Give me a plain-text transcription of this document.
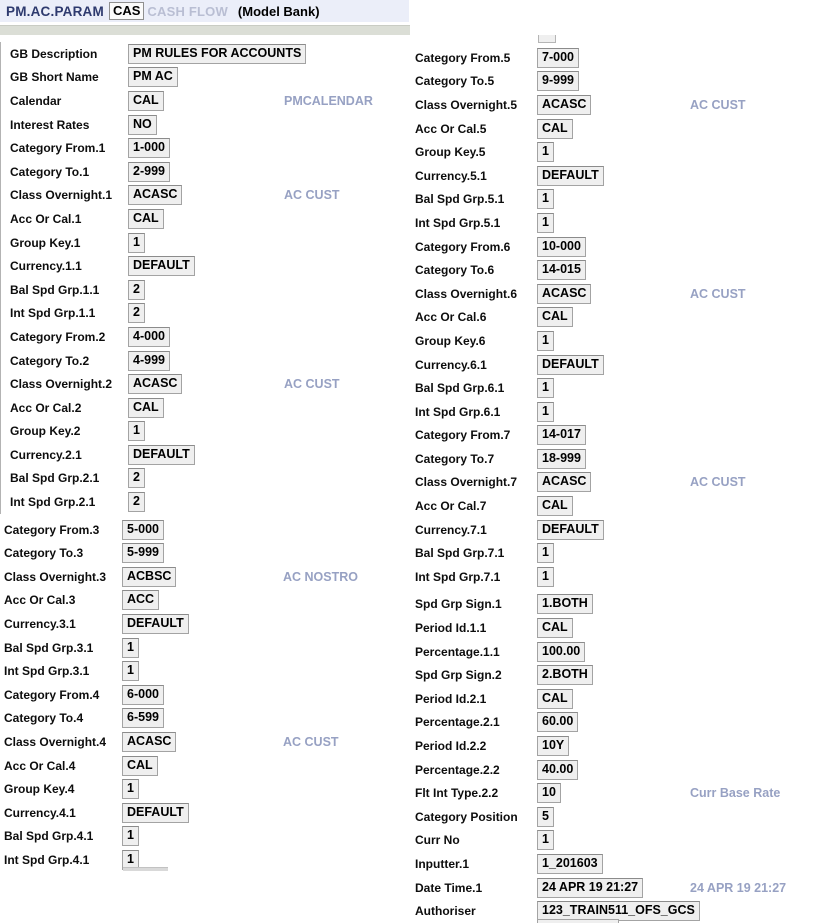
PM.AC.PARAM CAS CASH FLOW (Model Bank)
GB Description	PM RULES FOR ACCOUNTS
GB Short Name	PM AC
Calendar	CAL	PMCALENDAR
Interest Rates	NO
Category From.1	1-000
Category To.1	2-999
Class Overnight.1	ACASC	AC CUST
Acc Or Cal.1	CAL
Group Key.1	1
Currency.1.1	DEFAULT
Bal Spd Grp.1.1	2
Int Spd Grp.1.1	2
Category From.2	4-000
Category To.2	4-999
Class Overnight.2	ACASC	AC CUST
Acc Or Cal.2	CAL
Group Key.2	1
Currency.2.1	DEFAULT
Bal Spd Grp.2.1	2
Int Spd Grp.2.1	2
Category From.3	5-000
Category To.3	5-999
Class Overnight.3	ACBSC	AC NOSTRO
Acc Or Cal.3	ACC
Currency.3.1	DEFAULT
Bal Spd Grp.3.1	1
Int Spd Grp.3.1	1
Category From.4	6-000
Category To.4	6-599
Class Overnight.4	ACASC	AC CUST
Acc Or Cal.4	CAL
Group Key.4	1
Currency.4.1	DEFAULT
Bal Spd Grp.4.1	1
Int Spd Grp.4.1	1
Category From.5	7-000
Category To.5	9-999
Class Overnight.5	ACASC	AC CUST
Acc Or Cal.5	CAL
Group Key.5	1
Currency.5.1	DEFAULT
Bal Spd Grp.5.1	1
Int Spd Grp.5.1	1
Category From.6	10-000
Category To.6	14-015
Class Overnight.6	ACASC	AC CUST
Acc Or Cal.6	CAL
Group Key.6	1
Currency.6.1	DEFAULT
Bal Spd Grp.6.1	1
Int Spd Grp.6.1	1
Category From.7	14-017
Category To.7	18-999
Class Overnight.7	ACASC	AC CUST
Acc Or Cal.7	CAL
Currency.7.1	DEFAULT
Bal Spd Grp.7.1	1
Int Spd Grp.7.1	1
Spd Grp Sign.1	1.BOTH
Period Id.1.1	CAL
Percentage.1.1	100.00
Spd Grp Sign.2	2.BOTH
Period Id.2.1	CAL
Percentage.2.1	60.00
Period Id.2.2	10Y
Percentage.2.2	40.00
Flt Int Type.2.2	10	Curr Base Rate
Category Position	5
Curr No	1
Inputter.1	1_201603
Date Time.1	24 APR 19 21:27	24 APR 19 21:27
Authoriser	123_TRAIN511_OFS_GCS
